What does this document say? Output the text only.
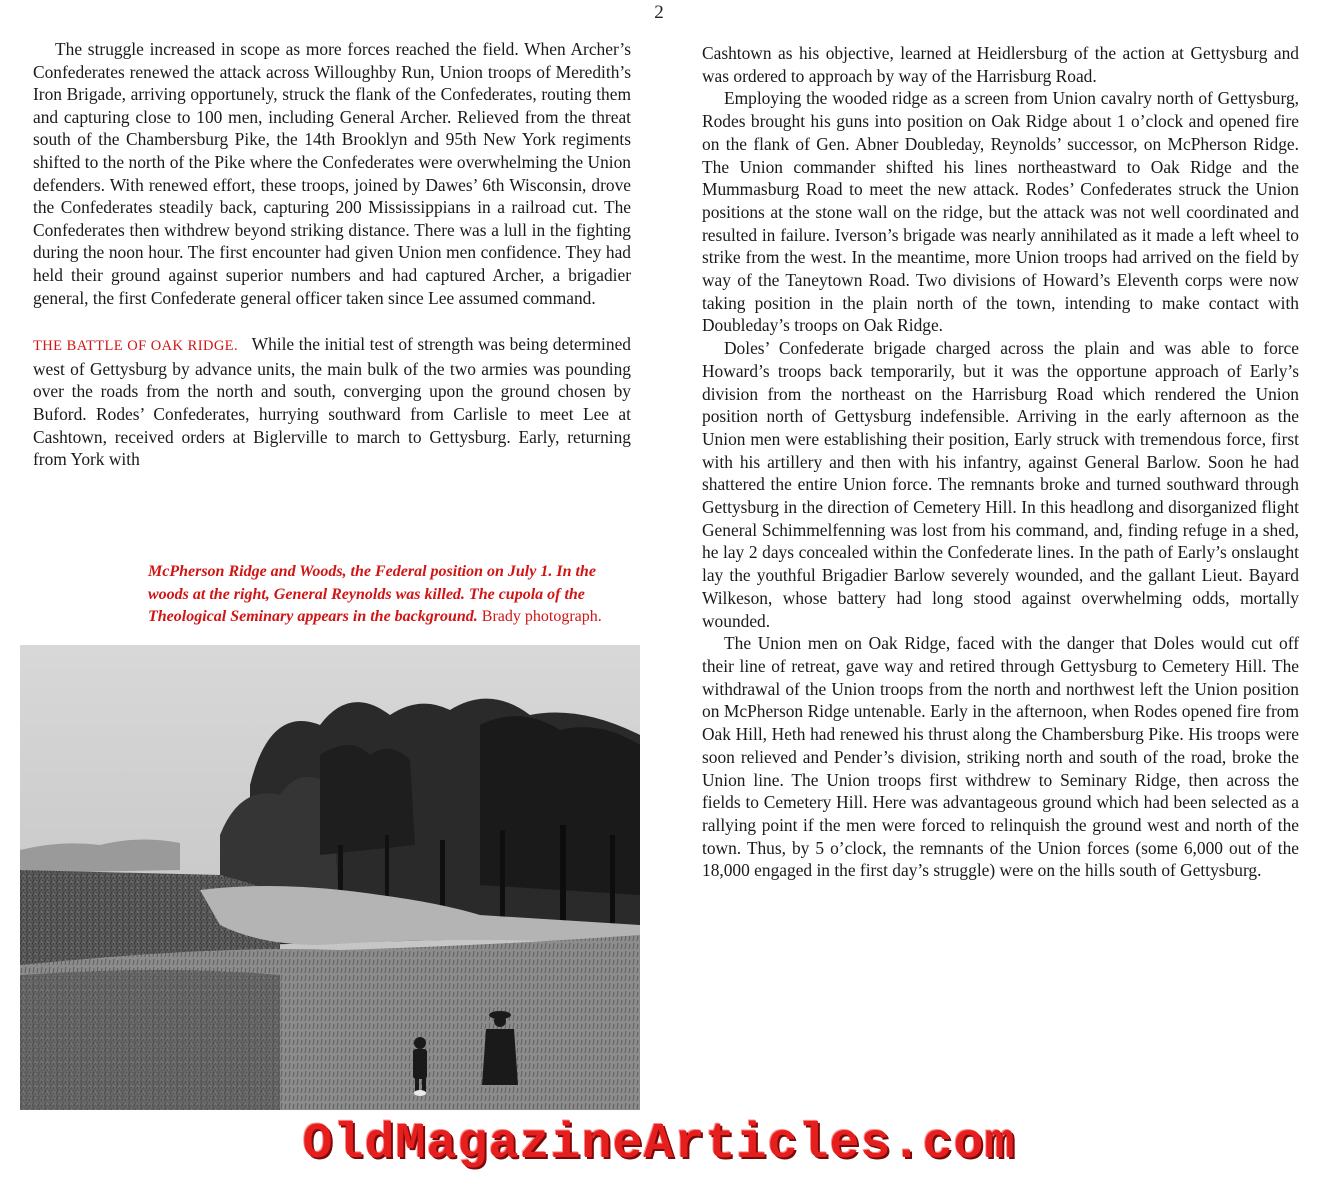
2

The struggle increased in scope as more forces reached the field. When Archer’s Confederates renewed the attack across Willoughby Run, Union troops of Meredith’s Iron Brigade, arriving opportunely, struck the flank of the Confederates, routing them and capturing close to 100 men, including General Archer. Relieved from the threat south of the Chambersburg Pike, the 14th Brooklyn and 95th New York regiments shifted to the north of the Pike where the Confederates were overwhelming the Union defenders. With renewed effort, these troops, joined by Dawes’ 6th Wisconsin, drove the Confederates steadily back, capturing 200 Mississippians in a railroad cut. The Confederates then withdrew beyond striking distance. There was a lull in the fighting during the noon hour. The first encounter had given Union men confidence. They had held their ground against superior numbers and had captured Archer, a brigadier general, the first Confederate general officer taken since Lee assumed command.

THE BATTLE OF OAK RIDGE. While the initial test of strength was being determined west of Gettysburg by advance units, the main bulk of the two armies was pounding over the roads from the north and south, converging upon the ground chosen by Buford. Rodes’ Confederates, hurrying southward from Carlisle to meet Lee at Cashtown, received orders at Biglerville to march to Gettysburg. Early, returning from York with

McPherson Ridge and Woods, the Federal position on July 1. In the woods at the right, General Reynolds was killed. The cupola of the Theological Seminary appears in the background. Brady photograph.

Cashtown as his objective, learned at Heidlersburg of the action at Gettysburg and was ordered to approach by way of the Harrisburg Road.

Employing the wooded ridge as a screen from Union cavalry north of Gettysburg, Rodes brought his guns into position on Oak Ridge about 1 o’clock and opened fire on the flank of Gen. Abner Doubleday, Reynolds’ successor, on McPherson Ridge. The Union commander shifted his lines northeastward to Oak Ridge and the Mummasburg Road to meet the new attack. Rodes’ Confederates struck the Union positions at the stone wall on the ridge, but the attack was not well coordinated and resulted in failure. Iverson’s brigade was nearly annihilated as it made a left wheel to strike from the west. In the meantime, more Union troops had arrived on the field by way of the Taneytown Road. Two divisions of Howard’s Eleventh corps were now taking position in the plain north of the town, intending to make contact with Doubleday’s troops on Oak Ridge.

Doles’ Confederate brigade charged across the plain and was able to force Howard’s troops back temporarily, but it was the opportune approach of Early’s division from the northeast on the Harrisburg Road which rendered the Union position north of Gettysburg indefensible. Arriving in the early afternoon as the Union men were establishing their position, Early struck with tremendous force, first with his artillery and then with his infantry, against General Barlow. Soon he had shattered the entire Union force. The remnants broke and turned southward through Gettysburg in the direction of Cemetery Hill. In this headlong and disorganized flight General Schimmelfenning was lost from his command, and, finding refuge in a shed, he lay 2 days concealed within the Confederate lines. In the path of Early’s onslaught lay the youthful Brigadier Barlow severely wounded, and the gallant Lieut. Bayard Wilkeson, whose battery had long stood against overwhelming odds, mortally wounded.

The Union men on Oak Ridge, faced with the danger that Doles would cut off their line of retreat, gave way and retired through Gettysburg to Cemetery Hill. The withdrawal of the Union troops from the north and northwest left the Union position on McPherson Ridge untenable. Early in the afternoon, when Rodes opened fire from Oak Hill, Heth had renewed his thrust along the Chambersburg Pike. His troops were soon relieved and Pender’s division, striking north and south of the road, broke the Union line. The Union troops first withdrew to Seminary Ridge, then across the fields to Cemetery Hill. Here was advantageous ground which had been selected as a rallying point if the men were forced to relinquish the ground west and north of the town. Thus, by 5 o’clock, the remnants of the Union forces (some 6,000 out of the 18,000 engaged in the first day’s struggle) were on the hills south of Gettysburg.

OldMagazineArticles.com
